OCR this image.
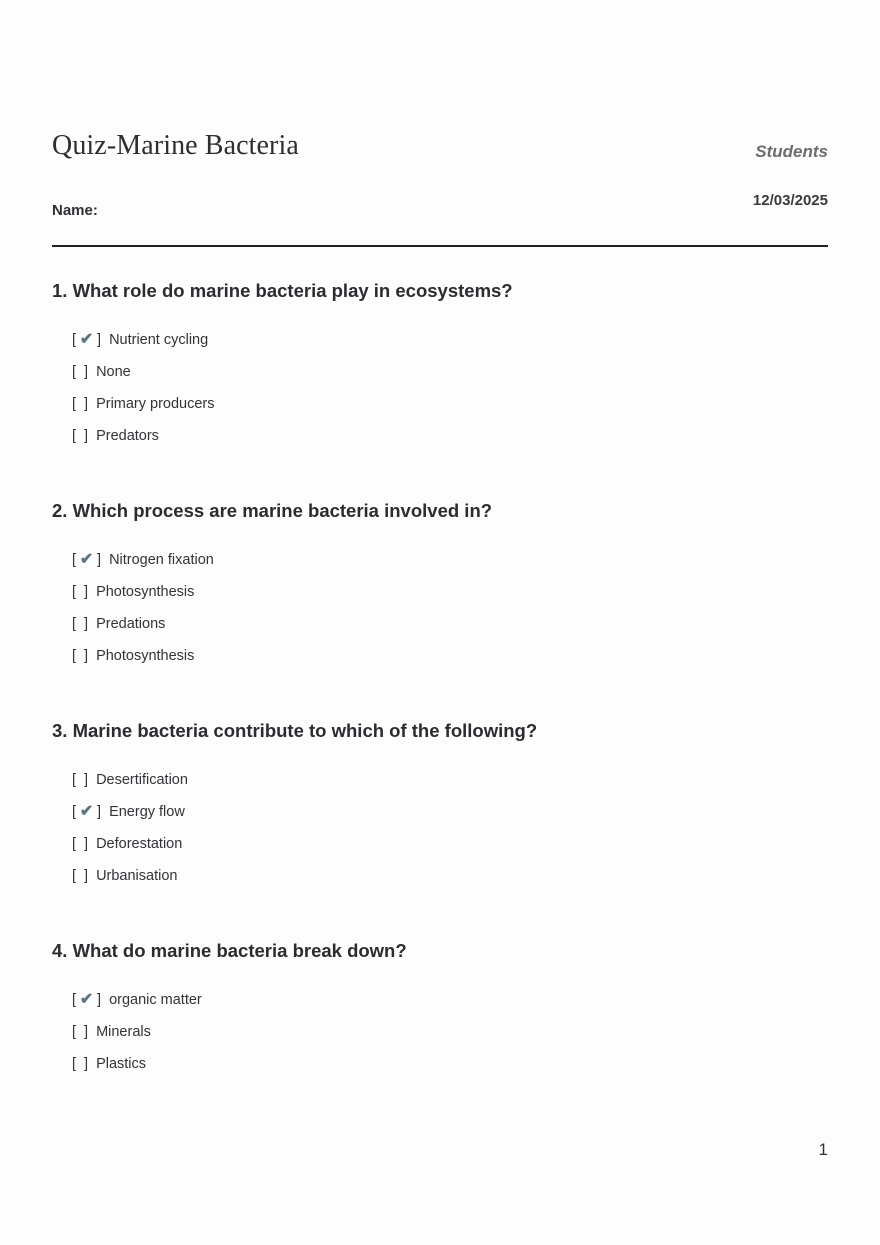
Quiz-Marine Bacteria	Students
12/03/2025
Name:
1. What role do marine bacteria play in ecosystems?
[ ✔ ] Nutrient cycling
[ ] None
[ ] Primary producers
[ ] Predators
2. Which process are marine bacteria involved in?
[ ✔ ] Nitrogen fixation
[ ] Photosynthesis
[ ] Predations
[ ] Photosynthesis
3. Marine bacteria contribute to which of the following?
[ ] Desertification
[ ✔ ] Energy flow
[ ] Deforestation
[ ] Urbanisation
4. What do marine bacteria break down?
[ ✔ ] organic matter
[ ] Minerals
[ ] Plastics
1
